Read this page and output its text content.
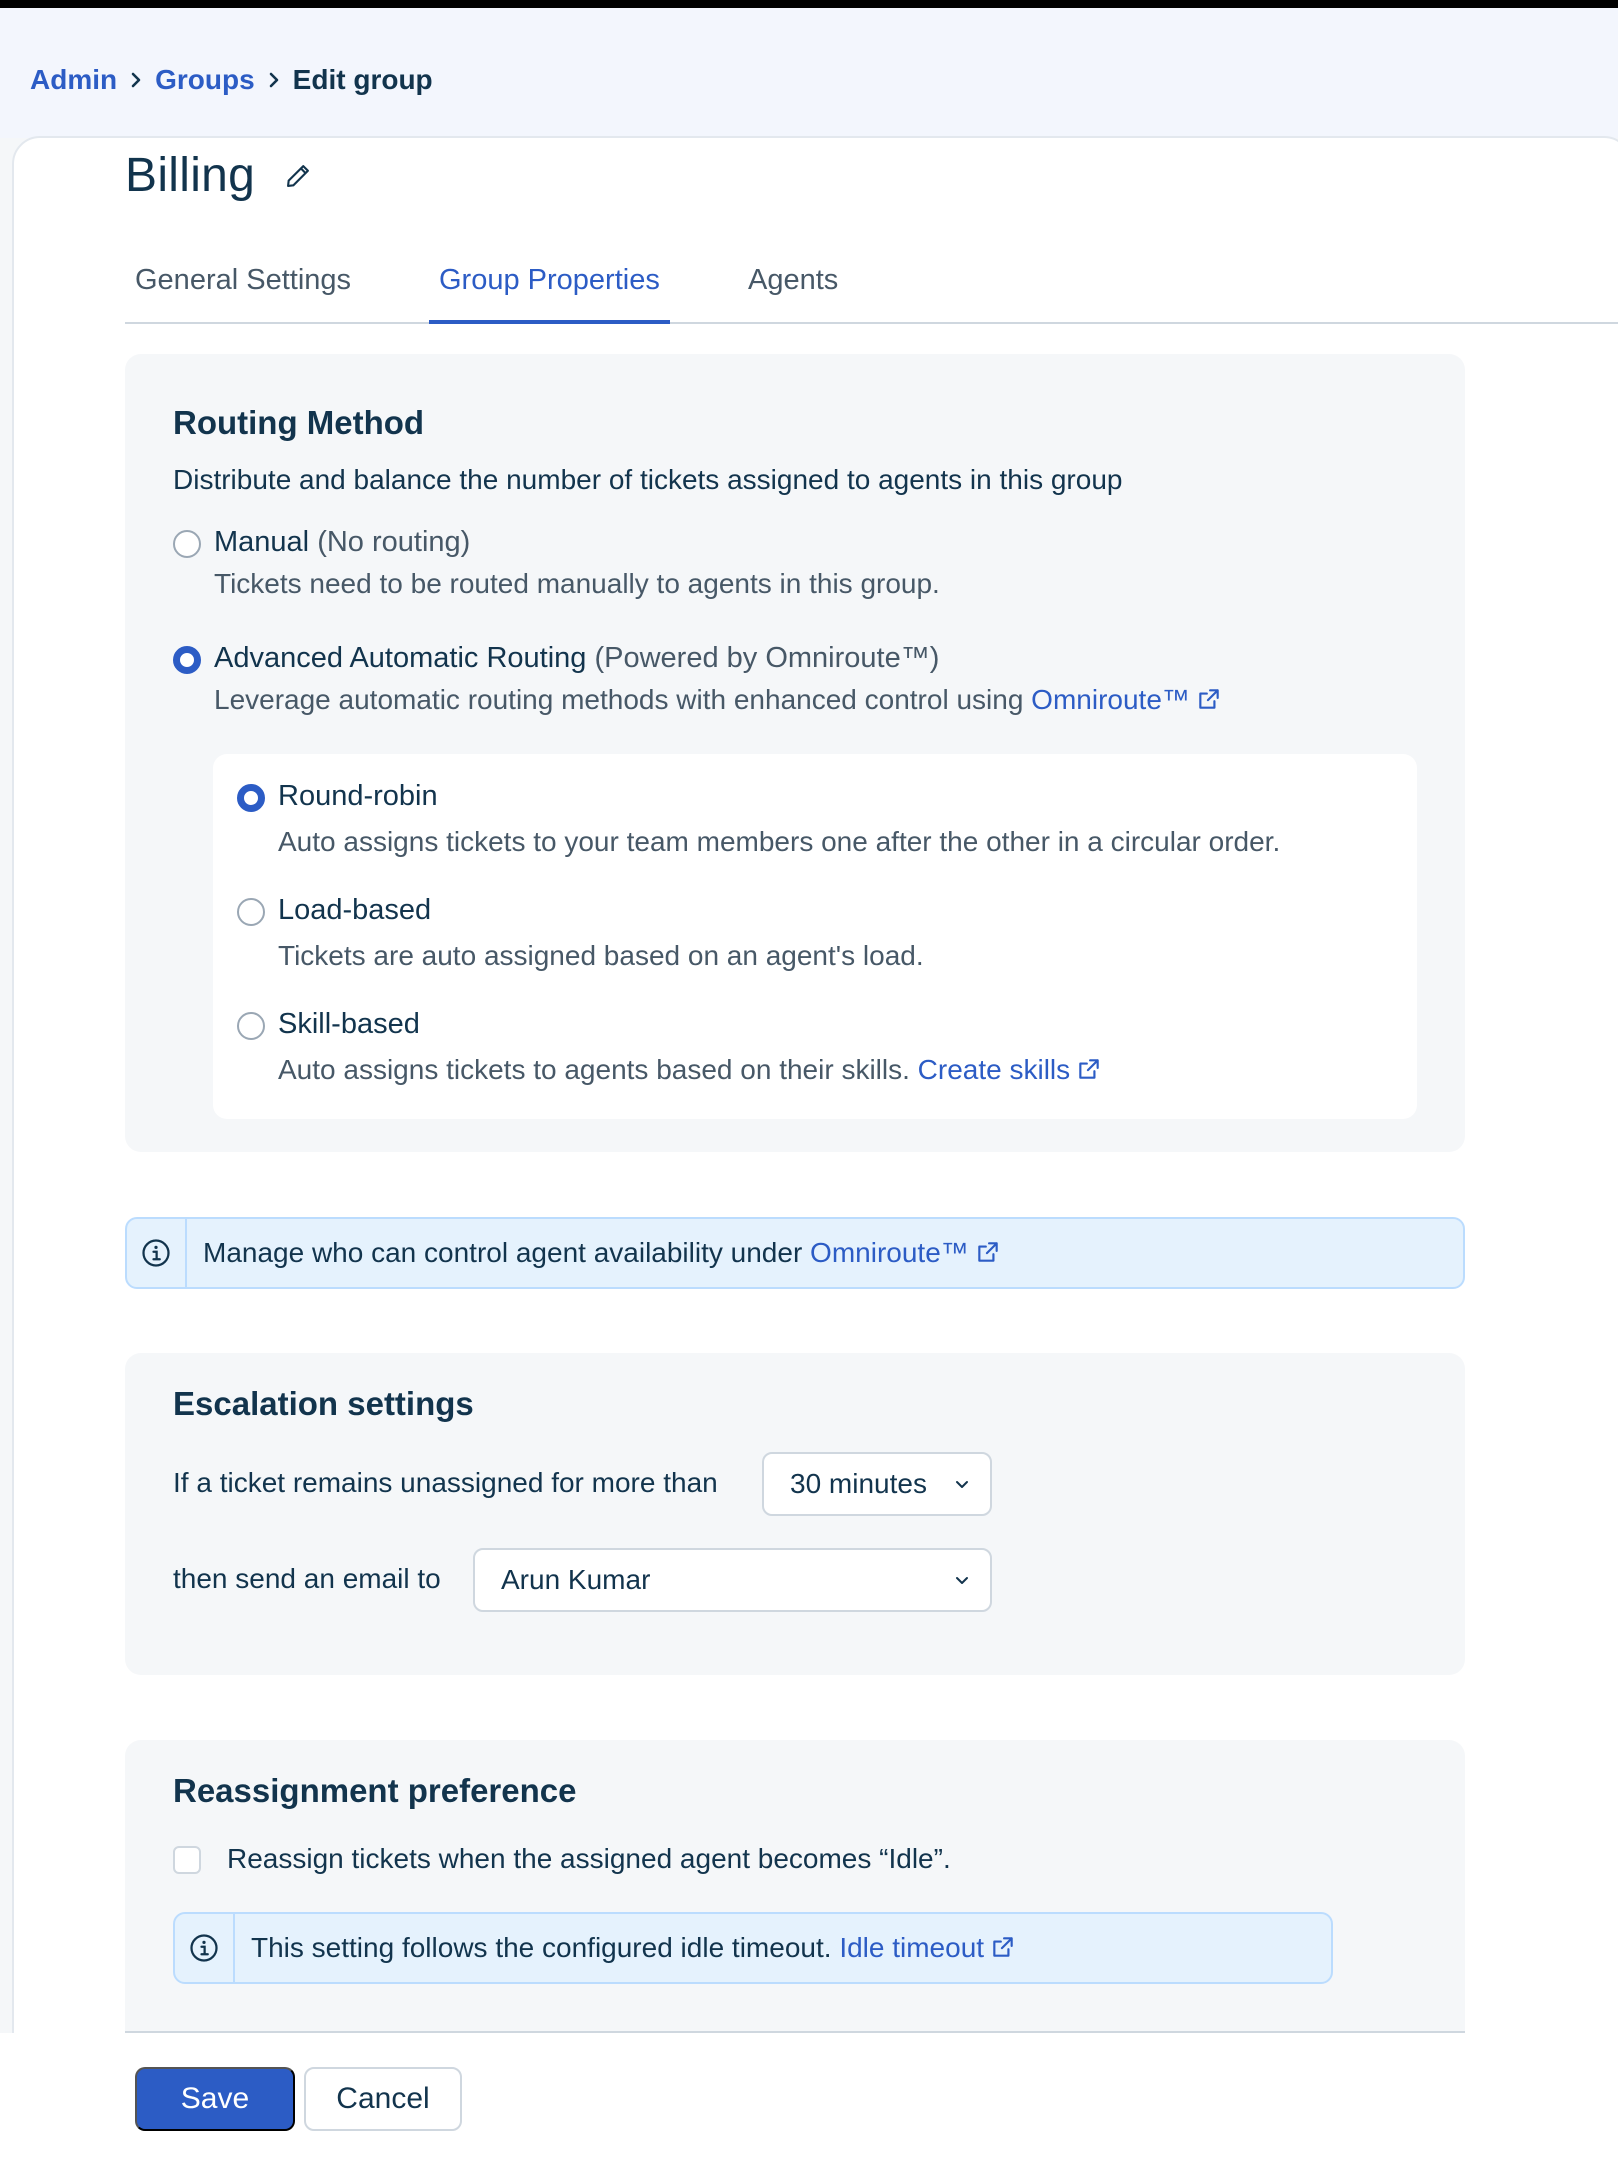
Admin Groups Edit group
Billing
General Settings	Group Properties	Agents
Routing Method
Distribute and balance the number of tickets assigned to agents in this group
Manual (No routing)
Tickets need to be routed manually to agents in this group.
Advanced Automatic Routing (Powered by Omniroute™)
Leverage automatic routing methods with enhanced control using Omniroute™
Round-robin
Auto assigns tickets to your team members one after the other in a circular order.
Load-based
Tickets are auto assigned based on an agent's load.
Skill-based
Auto assigns tickets to agents based on their skills. Create skills
Manage who can control agent availability under Omniroute™
Escalation settings
If a ticket remains unassigned for more than	30 minutes
then send an email to	Arun Kumar
Reassignment preference
Reassign tickets when the assigned agent becomes “Idle”.
This setting follows the configured idle timeout. Idle timeout
Save	Cancel
